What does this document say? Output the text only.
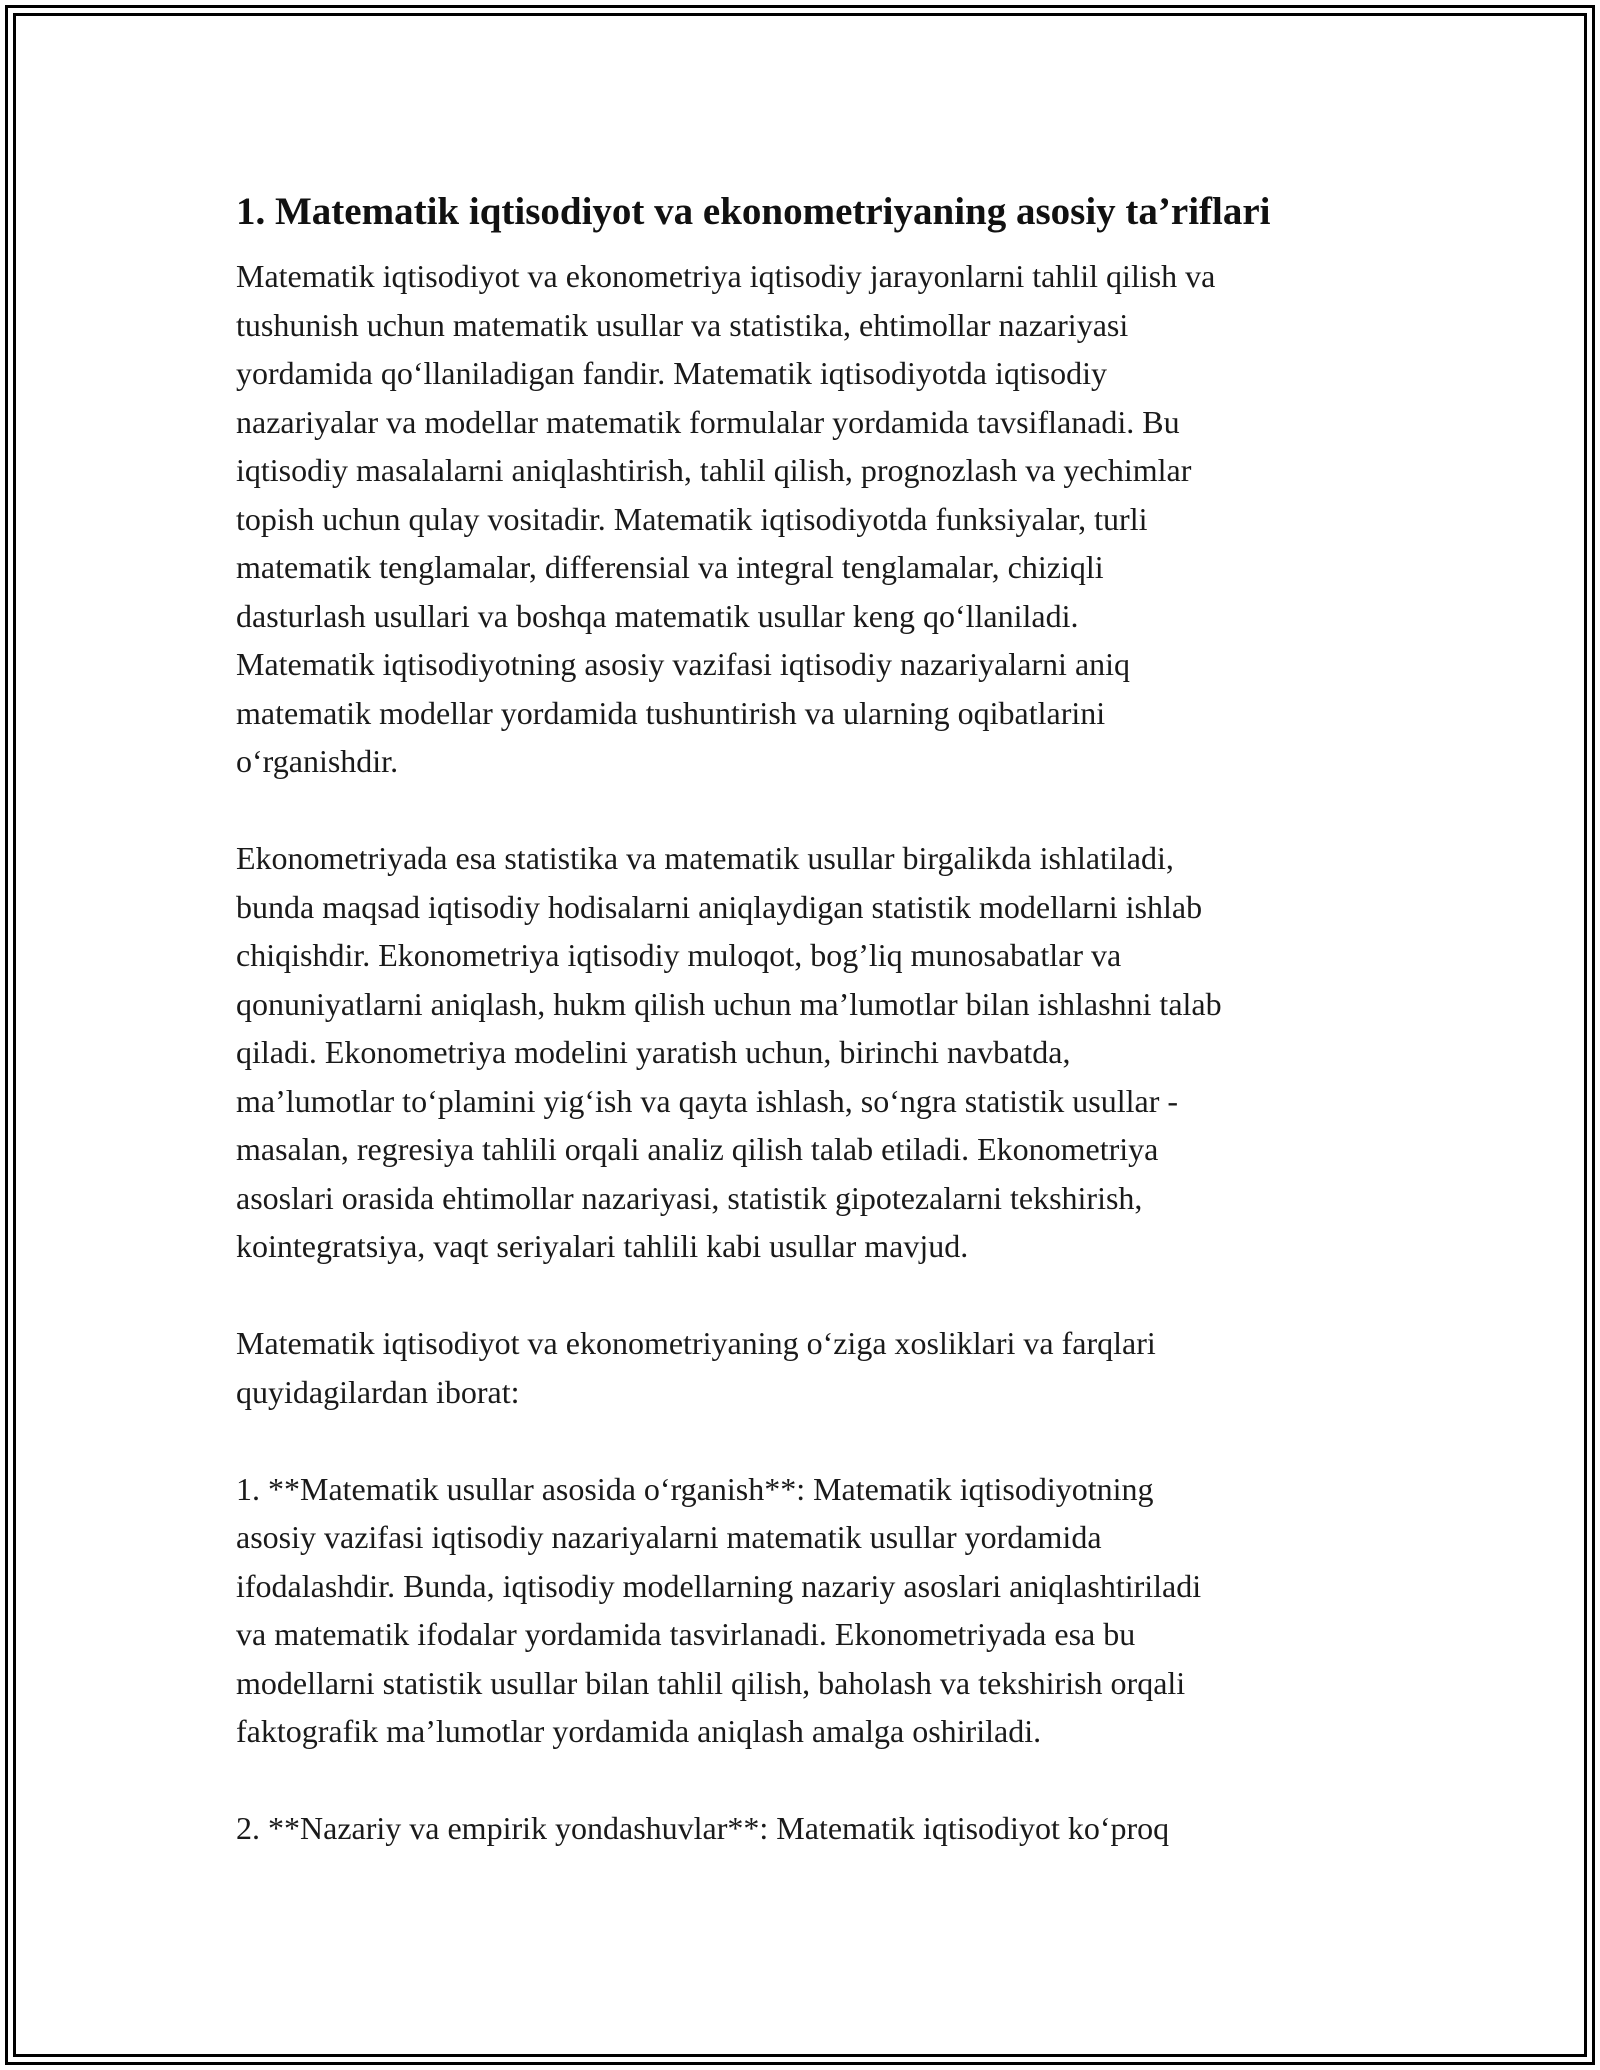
1. Matematik iqtisodiyot va ekonometriyaning asosiy ta’riflari
Matematik iqtisodiyot va ekonometriya iqtisodiy jarayonlarni tahlil qilish va
tushunish uchun matematik usullar va statistika, ehtimollar nazariyasi
yordamida qo‘llaniladigan fandir. Matematik iqtisodiyotda iqtisodiy
nazariyalar va modellar matematik formulalar yordamida tavsiflanadi. Bu
iqtisodiy masalalarni aniqlashtirish, tahlil qilish, prognozlash va yechimlar
topish uchun qulay vositadir. Matematik iqtisodiyotda funksiyalar, turli
matematik tenglamalar, differensial va integral tenglamalar, chiziqli
dasturlash usullari va boshqa matematik usullar keng qo‘llaniladi.
Matematik iqtisodiyotning asosiy vazifasi iqtisodiy nazariyalarni aniq
matematik modellar yordamida tushuntirish va ularning oqibatlarini
o‘rganishdir.
Ekonometriyada esa statistika va matematik usullar birgalikda ishlatiladi,
bunda maqsad iqtisodiy hodisalarni aniqlaydigan statistik modellarni ishlab
chiqishdir. Ekonometriya iqtisodiy muloqot, bog’liq munosabatlar va
qonuniyatlarni aniqlash, hukm qilish uchun ma’lumotlar bilan ishlashni talab
qiladi. Ekonometriya modelini yaratish uchun, birinchi navbatda,
ma’lumotlar to‘plamini yig‘ish va qayta ishlash, so‘ngra statistik usullar -
masalan, regresiya tahlili orqali analiz qilish talab etiladi. Ekonometriya
asoslari orasida ehtimollar nazariyasi, statistik gipotezalarni tekshirish,
kointegratsiya, vaqt seriyalari tahlili kabi usullar mavjud.
Matematik iqtisodiyot va ekonometriyaning o‘ziga xosliklari va farqlari
quyidagilardan iborat:
1. **Matematik usullar asosida o‘rganish**: Matematik iqtisodiyotning
asosiy vazifasi iqtisodiy nazariyalarni matematik usullar yordamida
ifodalashdir. Bunda, iqtisodiy modellarning nazariy asoslari aniqlashtiriladi
va matematik ifodalar yordamida tasvirlanadi. Ekonometriyada esa bu
modellarni statistik usullar bilan tahlil qilish, baholash va tekshirish orqali
faktografik ma’lumotlar yordamida aniqlash amalga oshiriladi.
2. **Nazariy va empirik yondashuvlar**: Matematik iqtisodiyot ko‘proq
